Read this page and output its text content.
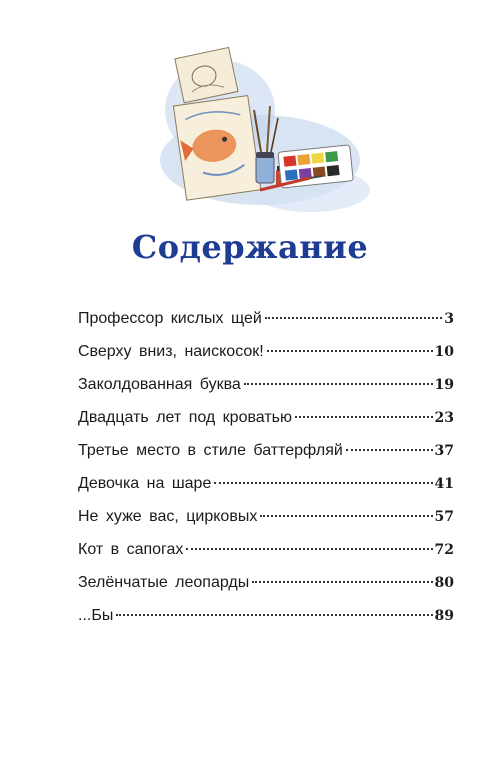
Содержание
Профессор кислых щей	3
Сверху вниз, наискосок!	10
Заколдованная буква	19
Двадцать лет под кроватью	23
Третье место в стиле баттерфляй	37
Девочка на шаре	41
Не хуже вас, цирковых	57
Кот в сапогах	72
Зелёнчатые леопарды	80
...Бы	89
